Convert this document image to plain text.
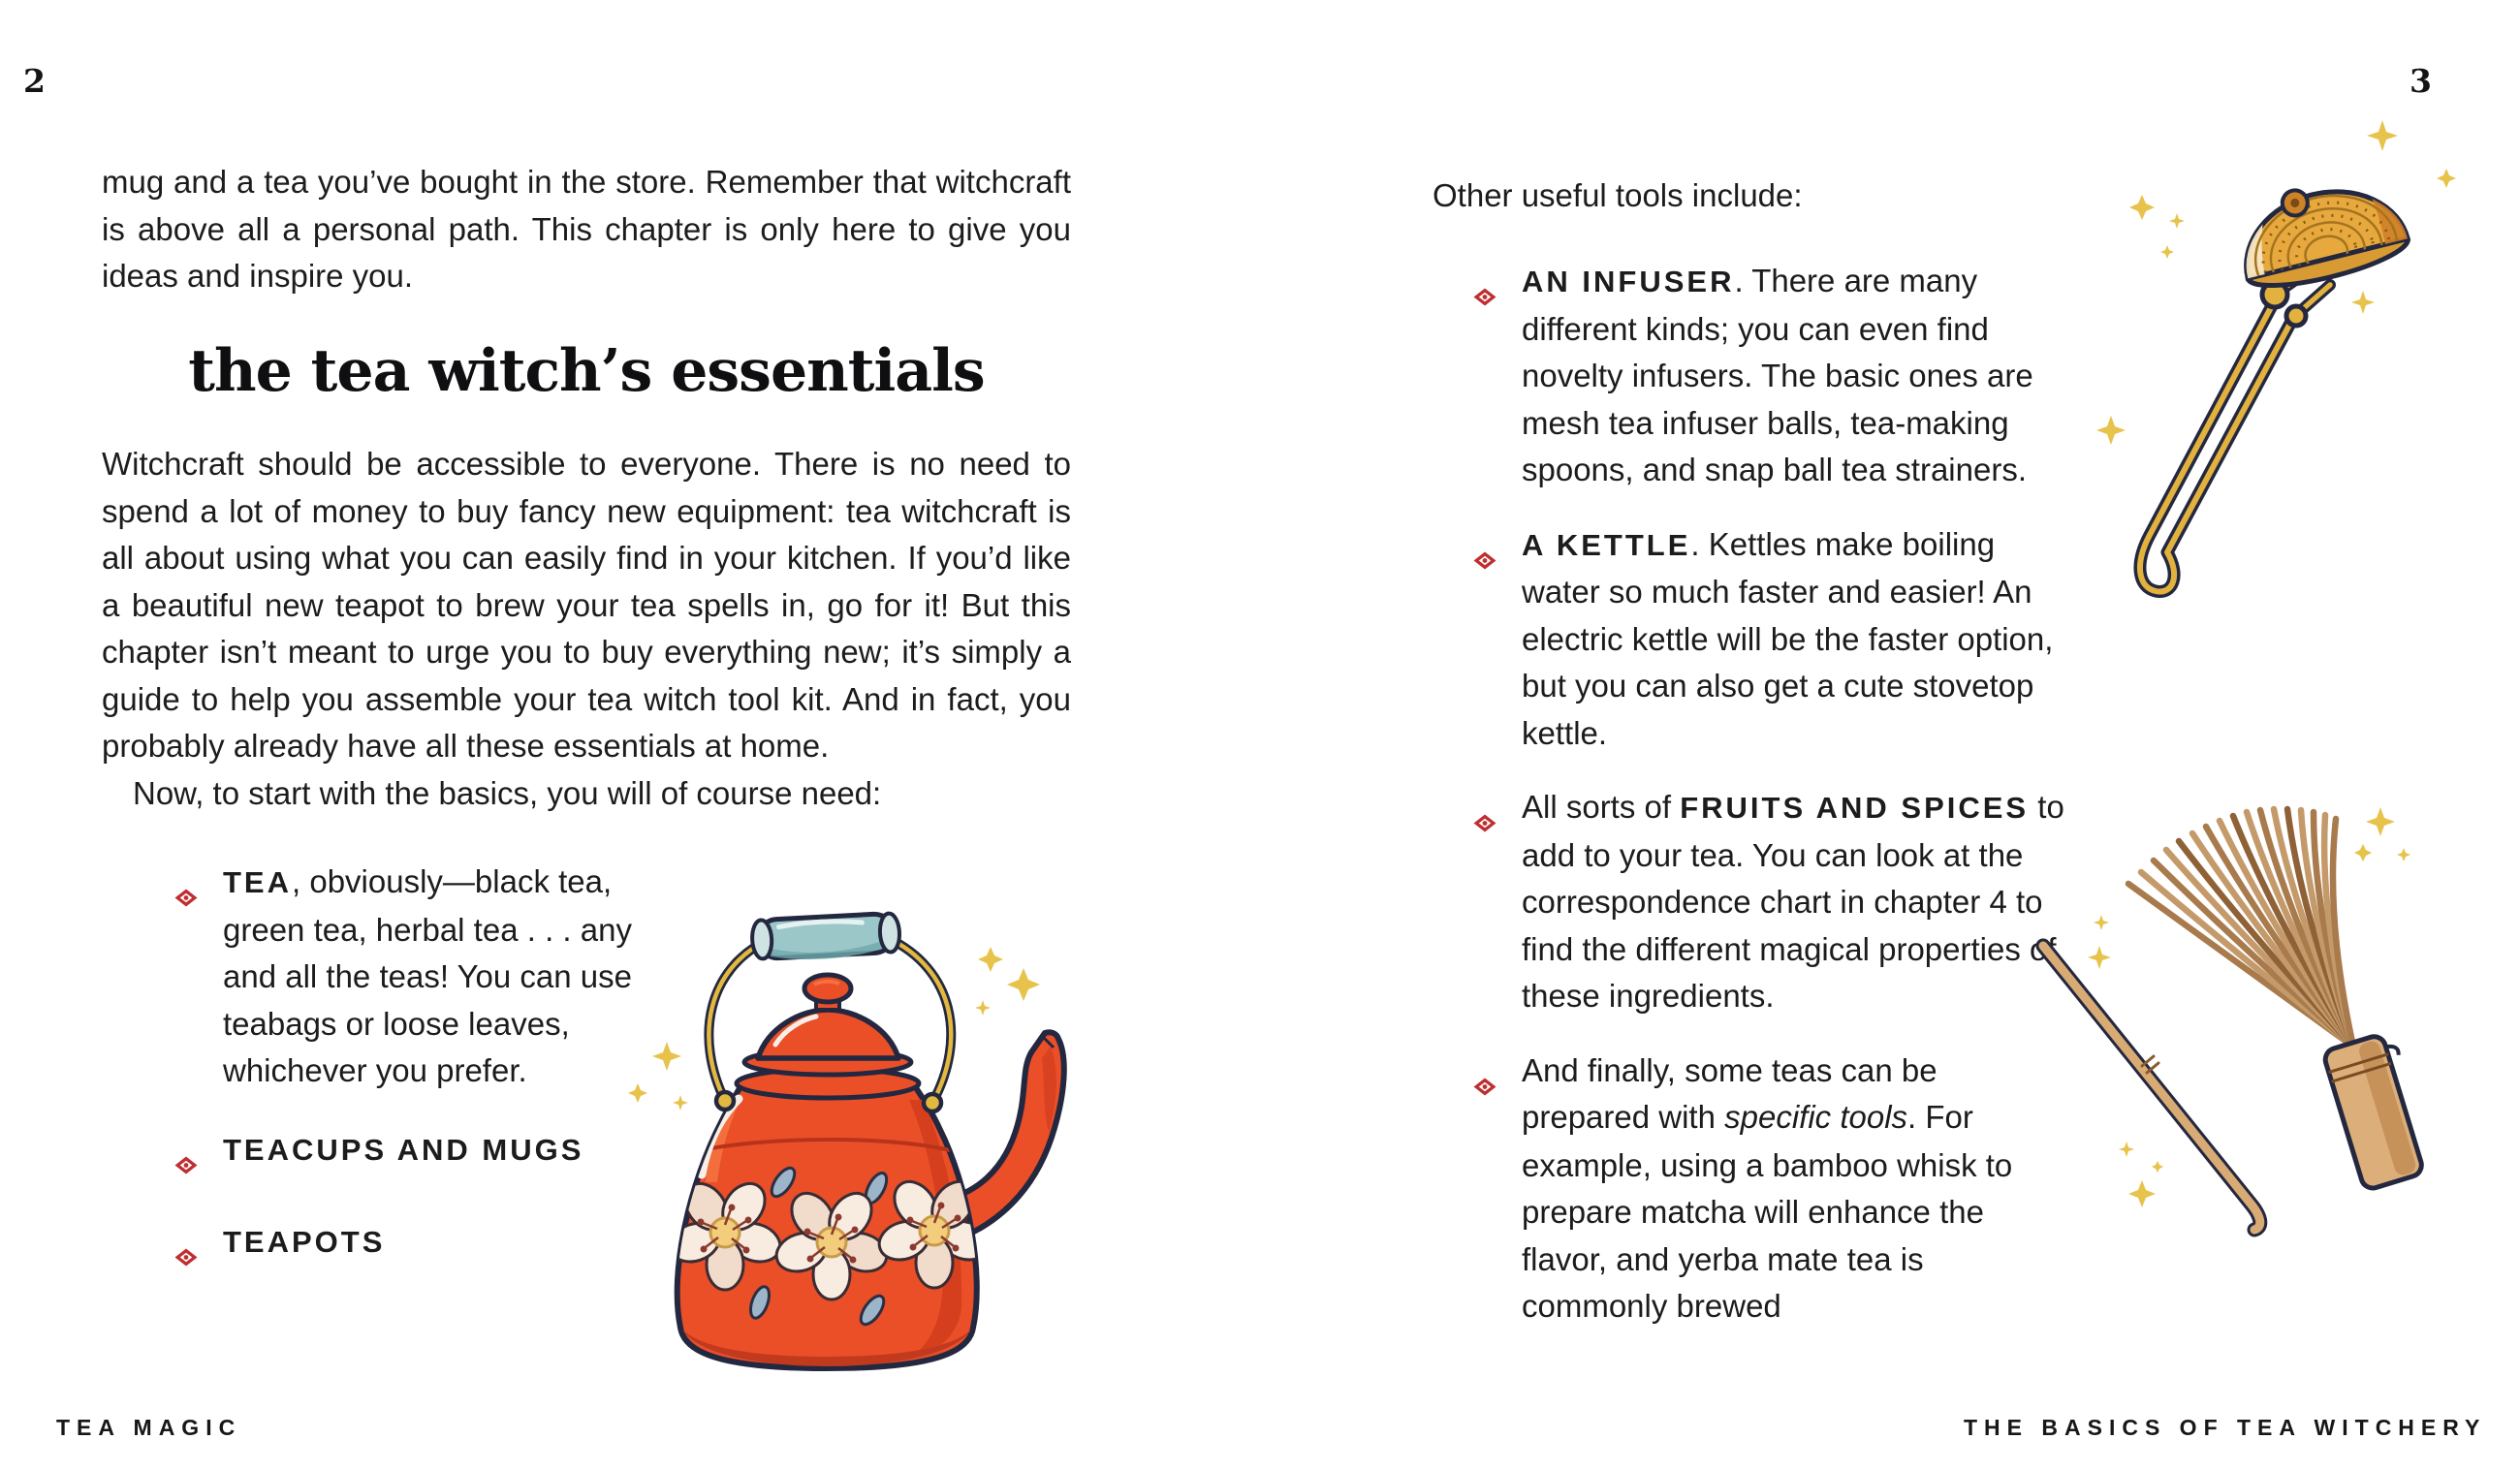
2

mug and a tea you’ve bought in the store. Remember that witchcraft is above all a personal path. This chapter is only here to give you ideas and inspire you.

the tea witch’s essentials

Witchcraft should be accessible to everyone. There is no need to spend a lot of money to buy fancy new equipment: tea witchcraft is all about using what you can easily find in your kitchen. If you’d like a beautiful new teapot to brew your tea spells in, go for it! But this chapter isn’t meant to urge you to buy everything new; it’s simply a guide to help you assemble your tea witch tool kit. And in fact, you probably already have all these essentials at home.

Now, to start with the basics, you will of course need:

TEA, obviously—black tea, green tea, herbal tea . . . any and all the teas! You can use teabags or loose leaves, whichever you prefer.

TEACUPS AND MUGS

TEAPOTS

TEA MAGIC
3

Other useful tools include:

AN INFUSER. There are many different kinds; you can even find novelty infusers. The basic ones are mesh tea infuser balls, tea-making spoons, and snap ball tea strainers.

A KETTLE. Kettles make boiling water so much faster and easier! An electric kettle will be the faster option, but you can also get a cute stovetop kettle.

All sorts of FRUITS AND SPICES to add to your tea. You can look at the correspondence chart in chapter 4 to find the different magical properties of these ingredients.

And finally, some teas can be prepared with specific tools. For example, using a bamboo whisk to prepare matcha will enhance the flavor, and yerba mate tea is commonly brewed

THE BASICS OF TEA WITCHERY
